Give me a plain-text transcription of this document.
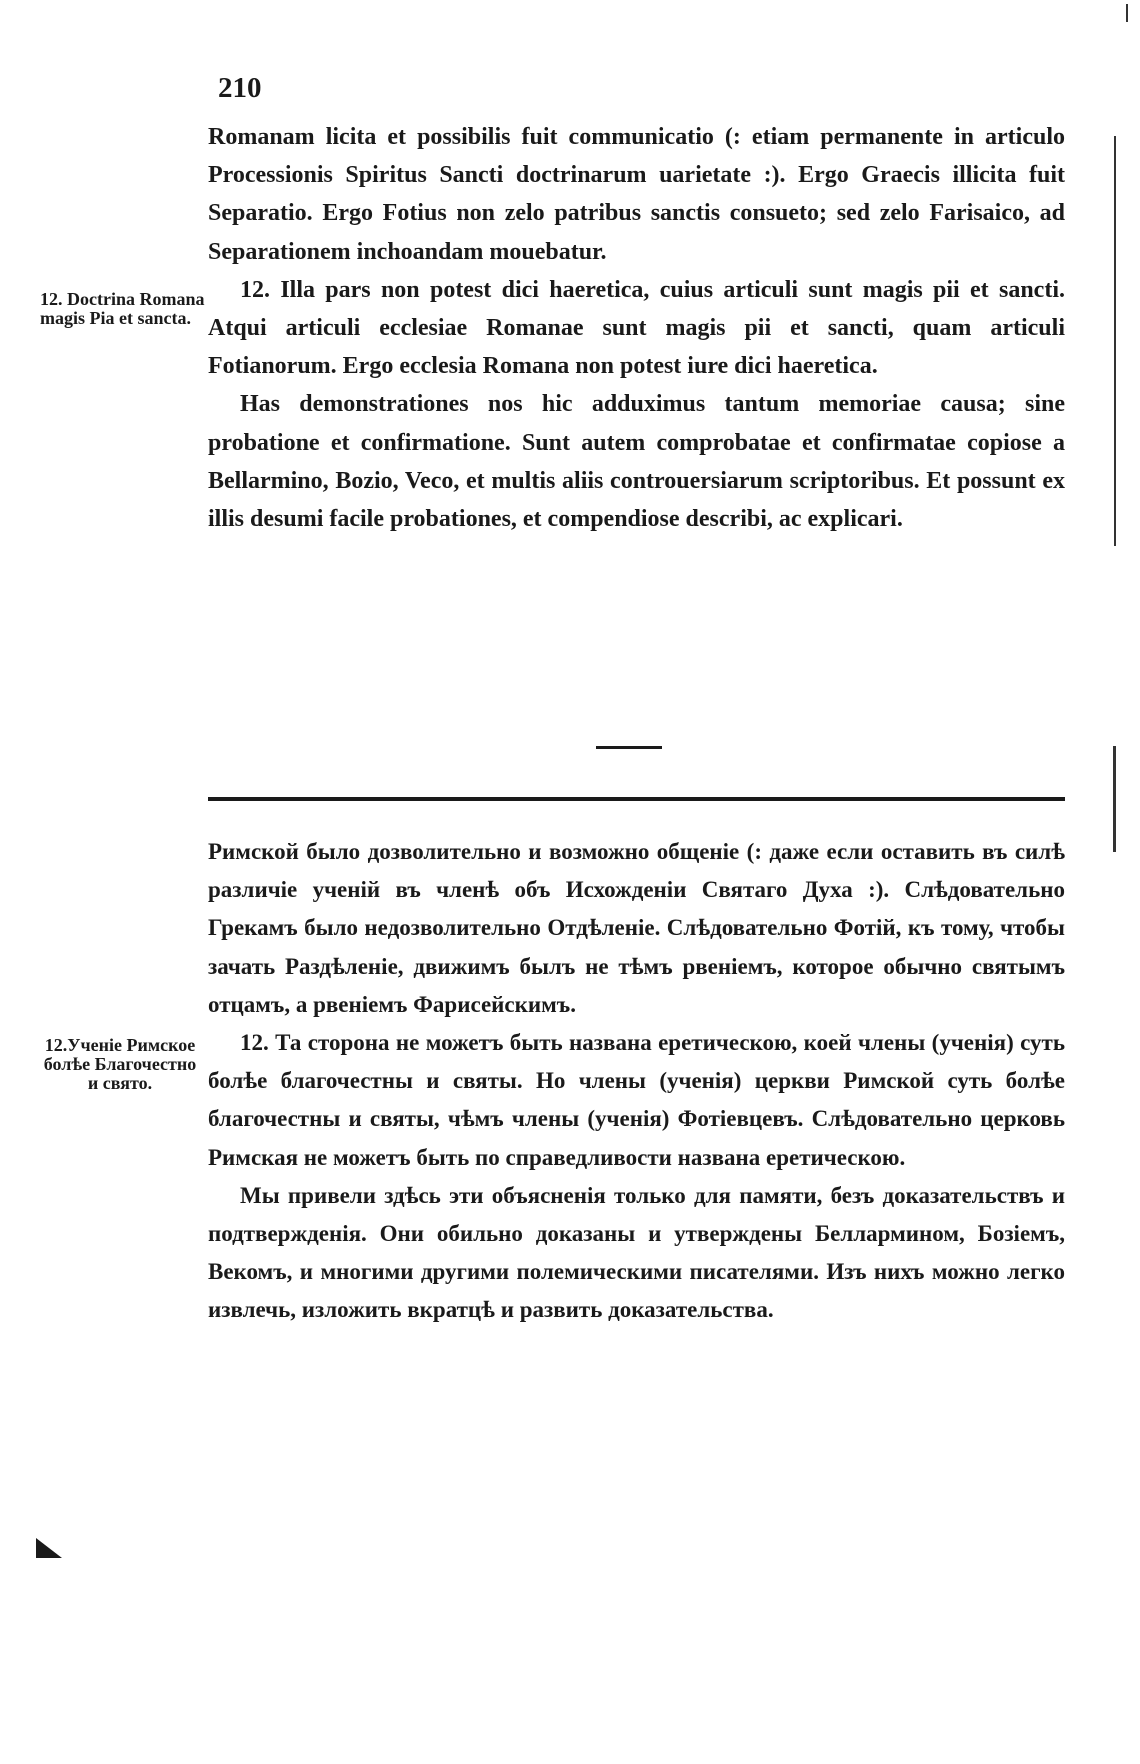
210
12. Doctrina Romana magis Pia et sancta.

Romanam licita et possibilis fuit communicatio (: etiam permanente in articulo Processionis Spiritus Sancti doctrinarum uarietate :). Ergo Graecis illicita fuit Separatio. Ergo Fotius non zelo patribus sanctis consueto; sed zelo Farisaico, ad Separationem inchoandam mouebatur.

12. Illa pars non potest dici haeretica, cuius articuli sunt magis pii et sancti. Atqui articuli ecclesiae Romanae sunt magis pii et sancti, quam articuli Fotianorum. Ergo ecclesia Romana non potest iure dici haeretica.

Has demonstrationes nos hic adduximus tantum memoriae causa; sine probatione et confirmatione. Sunt autem comprobatae et confirmatae copiose a Bellarmino, Bozio, Veco, et multis aliis controuersiarum scriptoribus. Et possunt ex illis desumi facile probationes, et compendiose describi, ac explicari.

12.Ученіе Римское болѣе Благочестно и свято.

Римской было дозволительно и возможно общеніе (: даже если оставить въ силѣ различіе ученій въ членѣ объ Исхожденіи Святаго Духа :). Слѣдовательно Грекамъ было недозволительно Отдѣленіе. Слѣдовательно Фотій, къ тому, чтобы зачать Раздѣленіе, движимъ былъ не тѣмъ рвеніемъ, которое обычно святымъ отцамъ, а рвеніемъ Фарисейскимъ.

12. Та сторона не можетъ быть названа еретическою, коей члены (ученія) суть болѣе благочестны и святы. Но члены (ученія) церкви Римской суть болѣе благочестны и святы, чѣмъ члены (ученія) Фотіевцевъ. Слѣдовательно церковь Римская не можетъ быть по справедливости названа еретическою.

Мы привели здѣсь эти объясненія только для памяти, безъ доказательствъ и подтвержденія. Они обильно доказаны и утверждены Беллармином, Бозіемъ, Векомъ, и многими другими полемическими писателями. Изъ нихъ можно легко извлечь, изложить вкратцѣ и развить доказательства.
